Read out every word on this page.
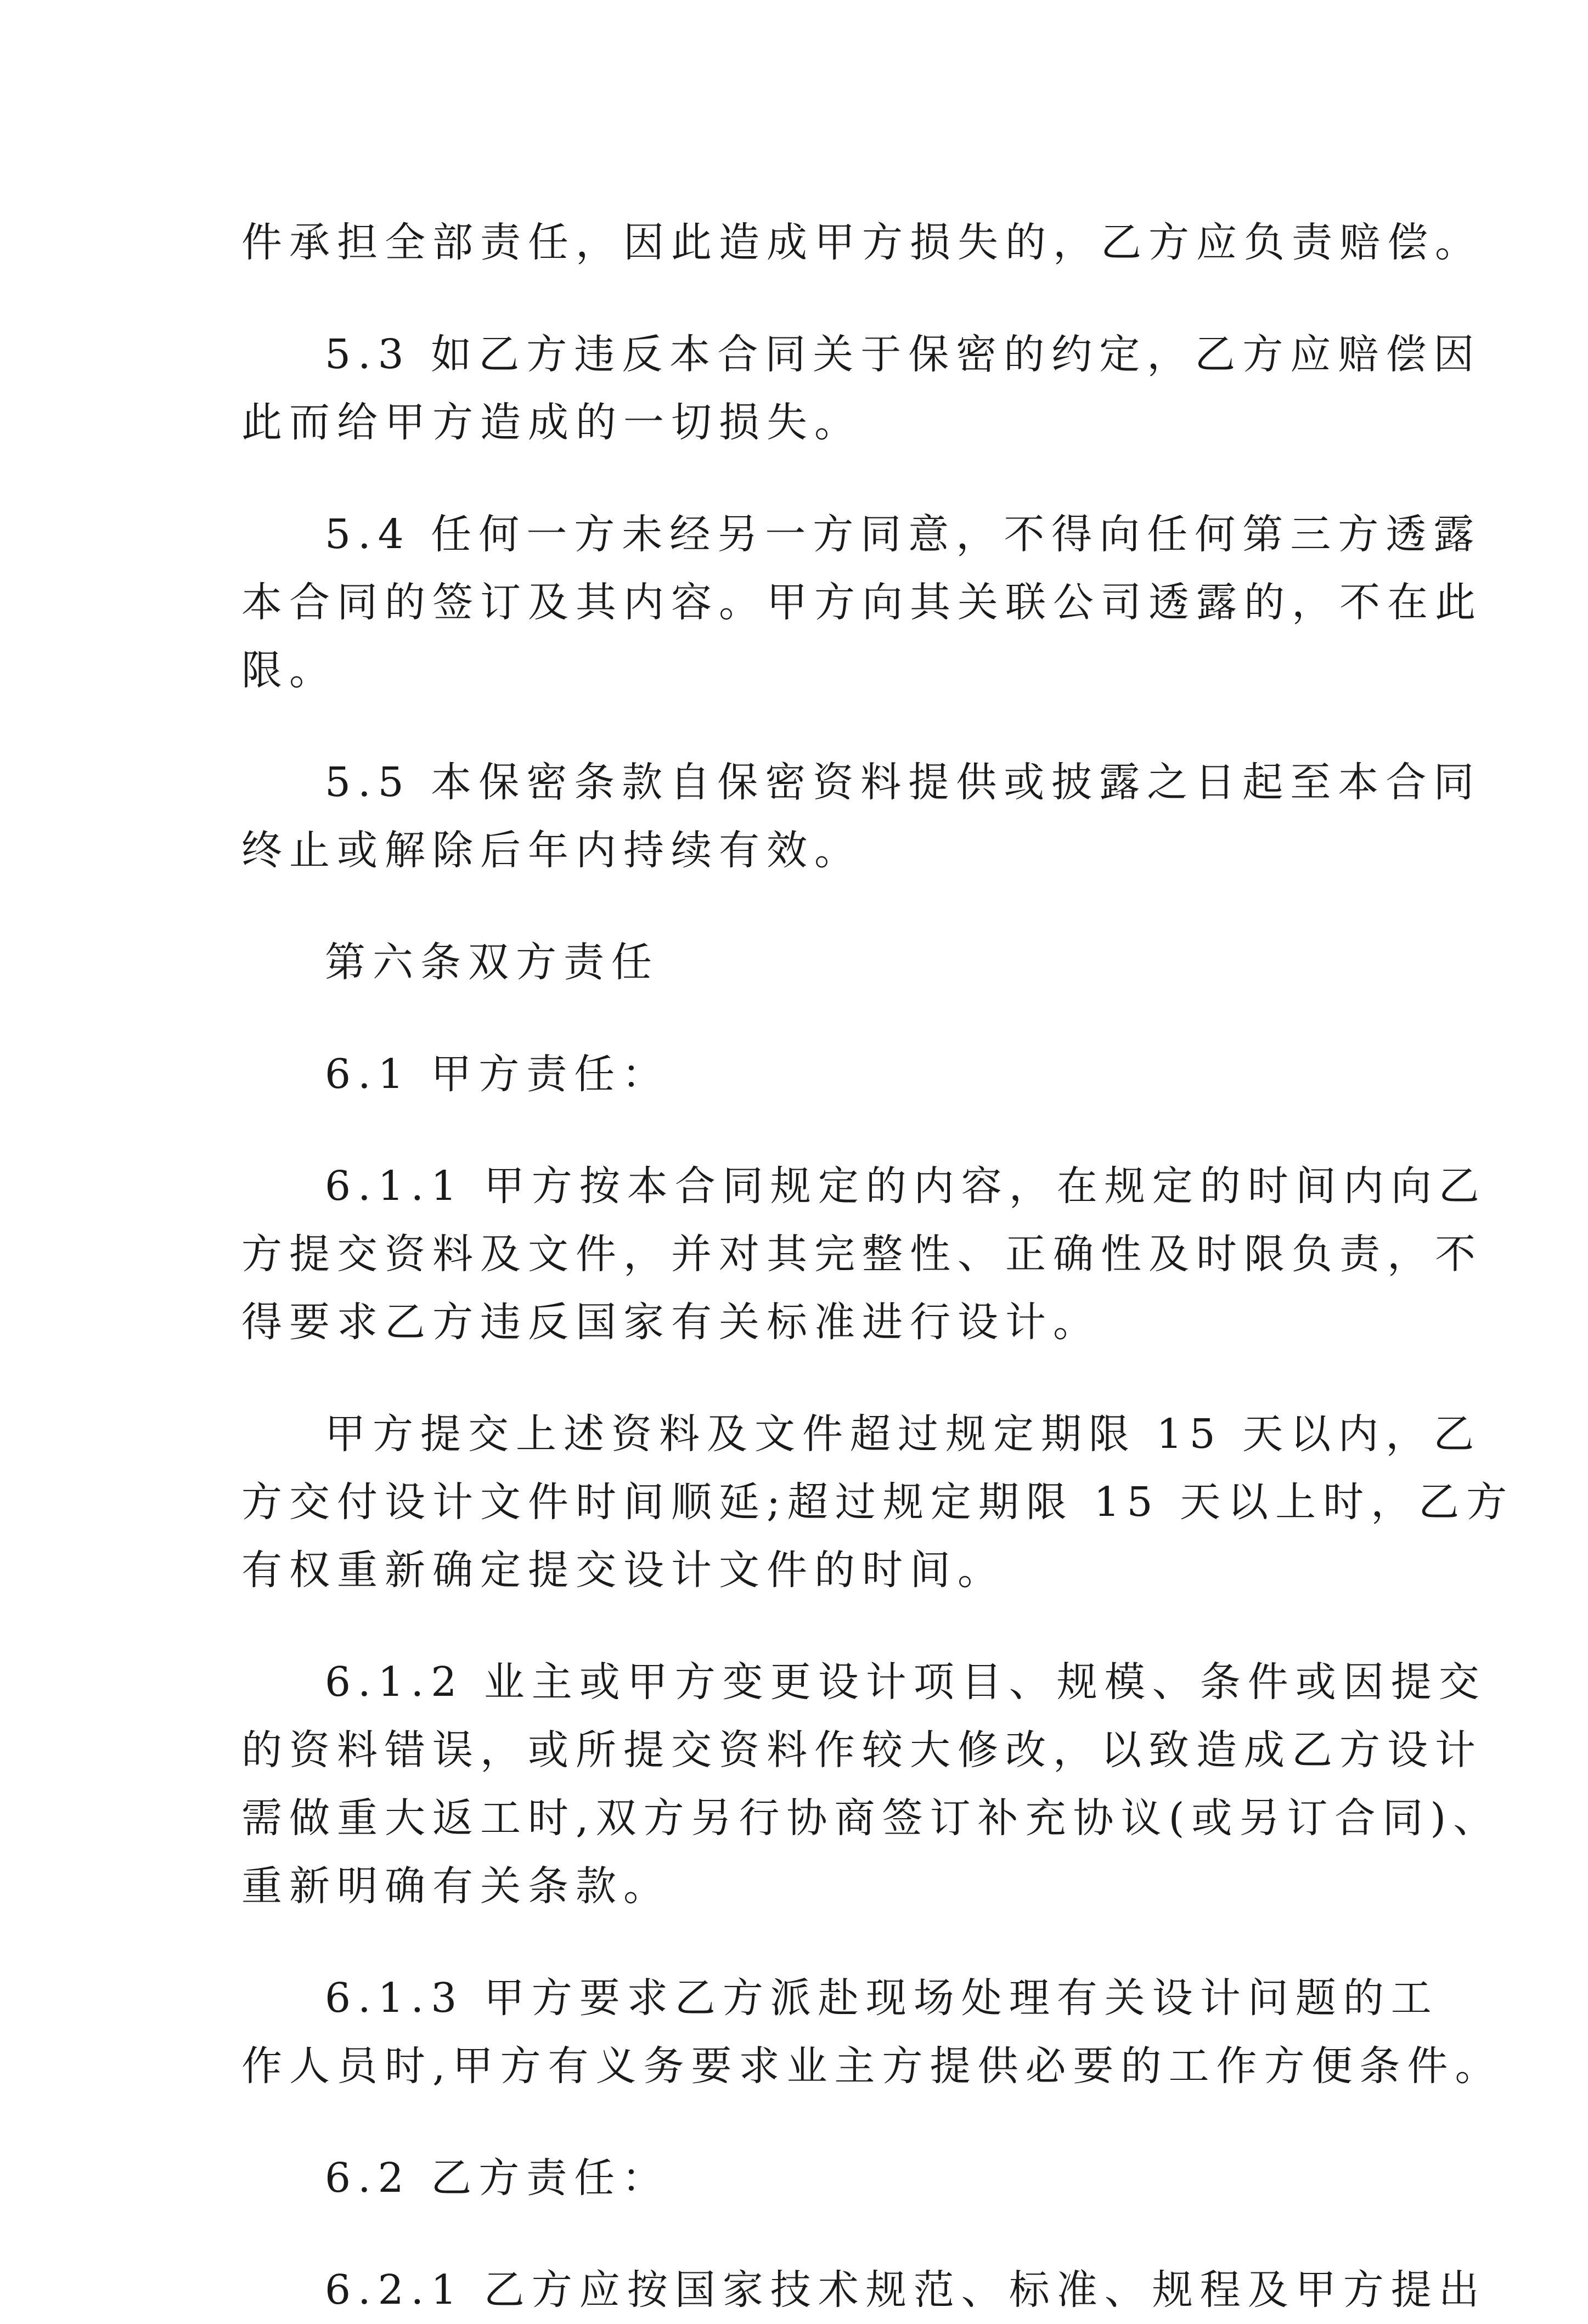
件承担全部责任，因此造成甲方损失的，乙方应负责赔偿。
5.3 如乙方违反本合同关于保密的约定，乙方应赔偿因
此而给甲方造成的一切损失。
5.4 任何一方未经另一方同意，不得向任何第三方透露
本合同的签订及其内容。甲方向其关联公司透露的，不在此
限。
5.5 本保密条款自保密资料提供或披露之日起至本合同
终止或解除后年内持续有效。
第六条双方责任
6.1 甲方责任：
6.1.1 甲方按本合同规定的内容，在规定的时间内向乙
方提交资料及文件，并对其完整性、正确性及时限负责，不
得要求乙方违反国家有关标准进行设计。
甲方提交上述资料及文件超过规定期限 15 天以内，乙
方交付设计文件时间顺延;超过规定期限 15 天以上时，乙方
有权重新确定提交设计文件的时间。
6.1.2 业主或甲方变更设计项目、规模、条件或因提交
的资料错误，或所提交资料作较大修改，以致造成乙方设计
需做重大返工时,双方另行协商签订补充协议(或另订合同)、
重新明确有关条款。
6.1.3 甲方要求乙方派赴现场处理有关设计问题的工
作人员时,甲方有义务要求业主方提供必要的工作方便条件。
6.2 乙方责任：
6.2.1 乙方应按国家技术规范、标准、规程及甲方提出
